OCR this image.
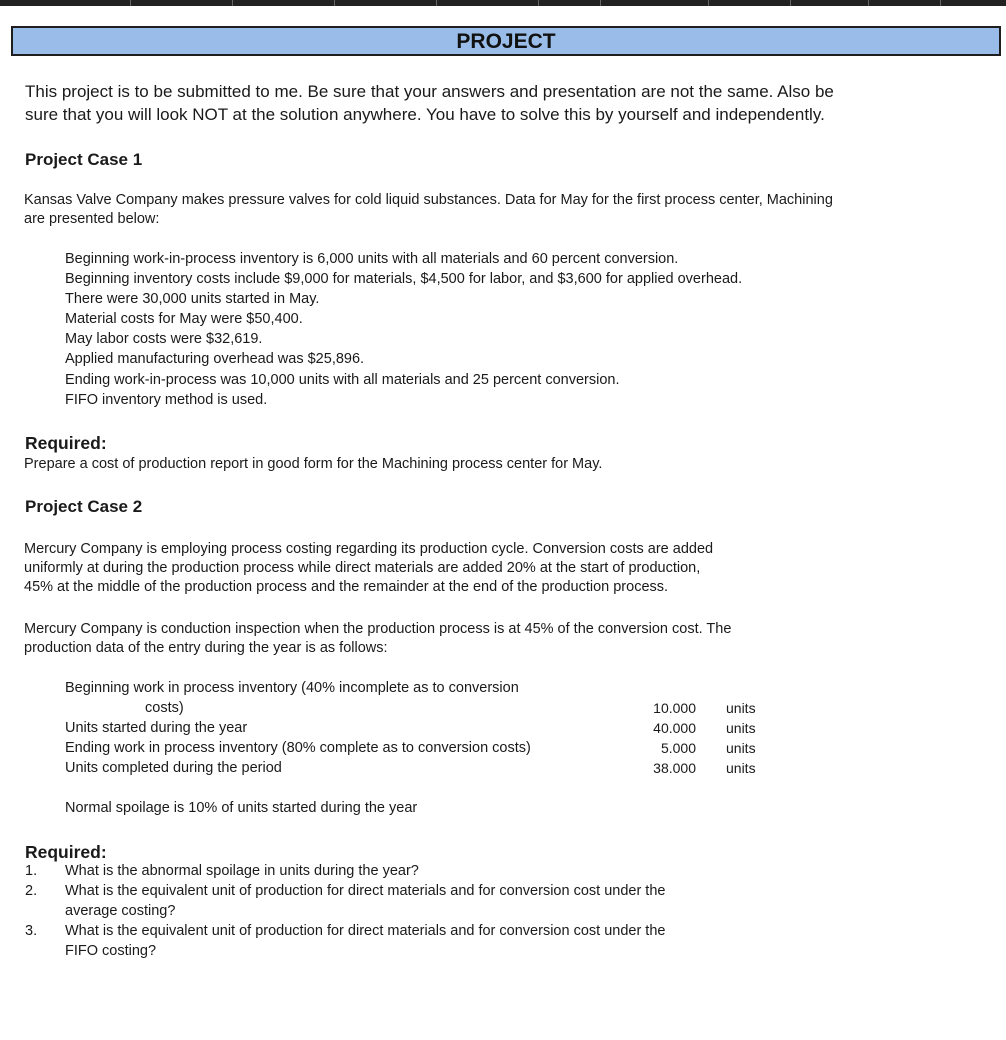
PROJECT
This project is to be submitted to me. Be sure that your answers and presentation are not the same. Also be
sure that you will look NOT at the solution anywhere. You have to solve this by yourself and independently.
Project Case 1
Kansas Valve Company makes pressure valves for cold liquid substances. Data for May for the first process center, Machining
are presented below:
Beginning work-in-process inventory is 6,000 units with all materials and 60 percent conversion.
Beginning inventory costs include $9,000 for materials, $4,500 for labor, and $3,600 for applied overhead.
There were 30,000 units started in May.
Material costs for May were $50,400.
May labor costs were $32,619.
Applied manufacturing overhead was $25,896.
Ending work-in-process was 10,000 units with all materials and 25 percent conversion.
FIFO inventory method is used.
Required:
Prepare a cost of production report in good form for the Machining process center for May.
Project Case 2
Mercury Company is employing process costing regarding its production cycle. Conversion costs are added
uniformly at during the production process while direct materials are added 20% at the start of production,
45% at the middle of the production process and the remainder at the end of the production process.
Mercury Company is conduction inspection when the production process is at 45% of the conversion cost. The
production data of the entry during the year is as follows:
Beginning work in process inventory (40% incomplete as to conversion
costs)	10.000 units
Units started during the year	40.000 units
Ending work in process inventory (80% complete as to conversion costs)	5.000 units
Units completed during the period	38.000 units
Normal spoilage is 10% of units started during the year
Required:
1. What is the abnormal spoilage in units during the year?
2. What is the equivalent unit of production for direct materials and for conversion cost under the
average costing?
3. What is the equivalent unit of production for direct materials and for conversion cost under the
FIFO costing?
